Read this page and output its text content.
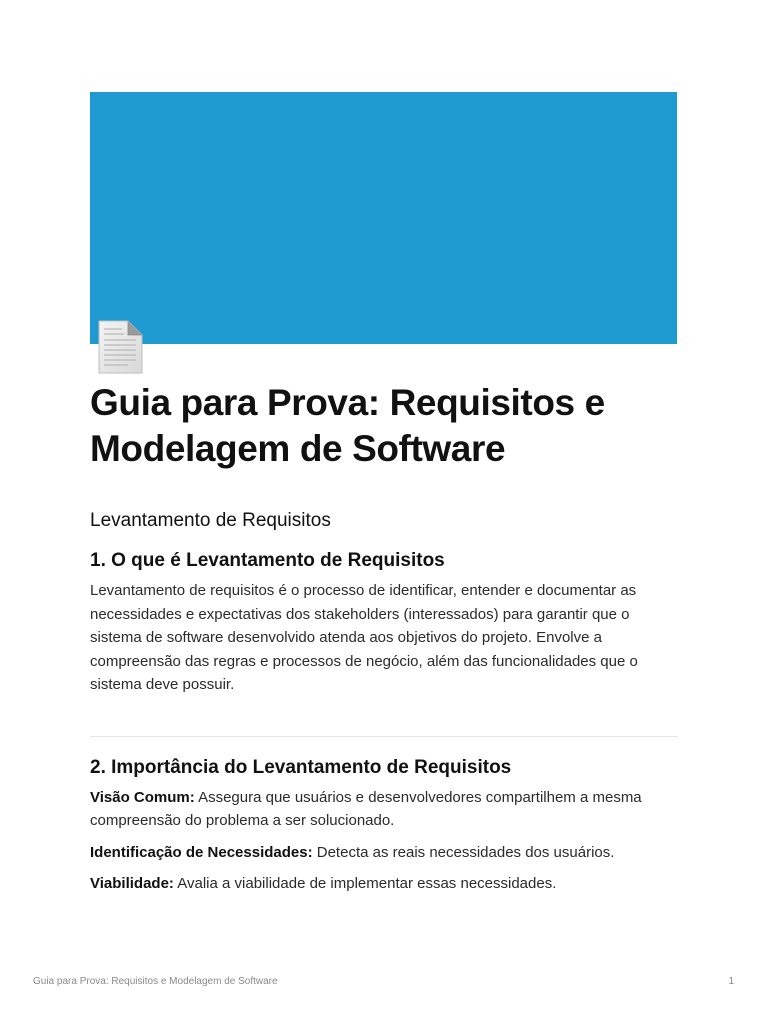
Guia para Prova: Requisitos e Modelagem de Software
Levantamento de Requisitos
1. O que é Levantamento de Requisitos

Levantamento de requisitos é o processo de identificar, entender e documentar as necessidades e expectativas dos stakeholders (interessados) para garantir que o sistema de software desenvolvido atenda aos objetivos do projeto. Envolve a compreensão das regras e processos de negócio, além das funcionalidades que o sistema deve possuir.

2. Importância do Levantamento de Requisitos

Visão Comum: Assegura que usuários e desenvolvedores compartilhem a mesma compreensão do problema a ser solucionado.

Identificação de Necessidades: Detecta as reais necessidades dos usuários.

Viabilidade: Avalia a viabilidade de implementar essas necessidades.

Guia para Prova: Requisitos e Modelagem de Software	1
